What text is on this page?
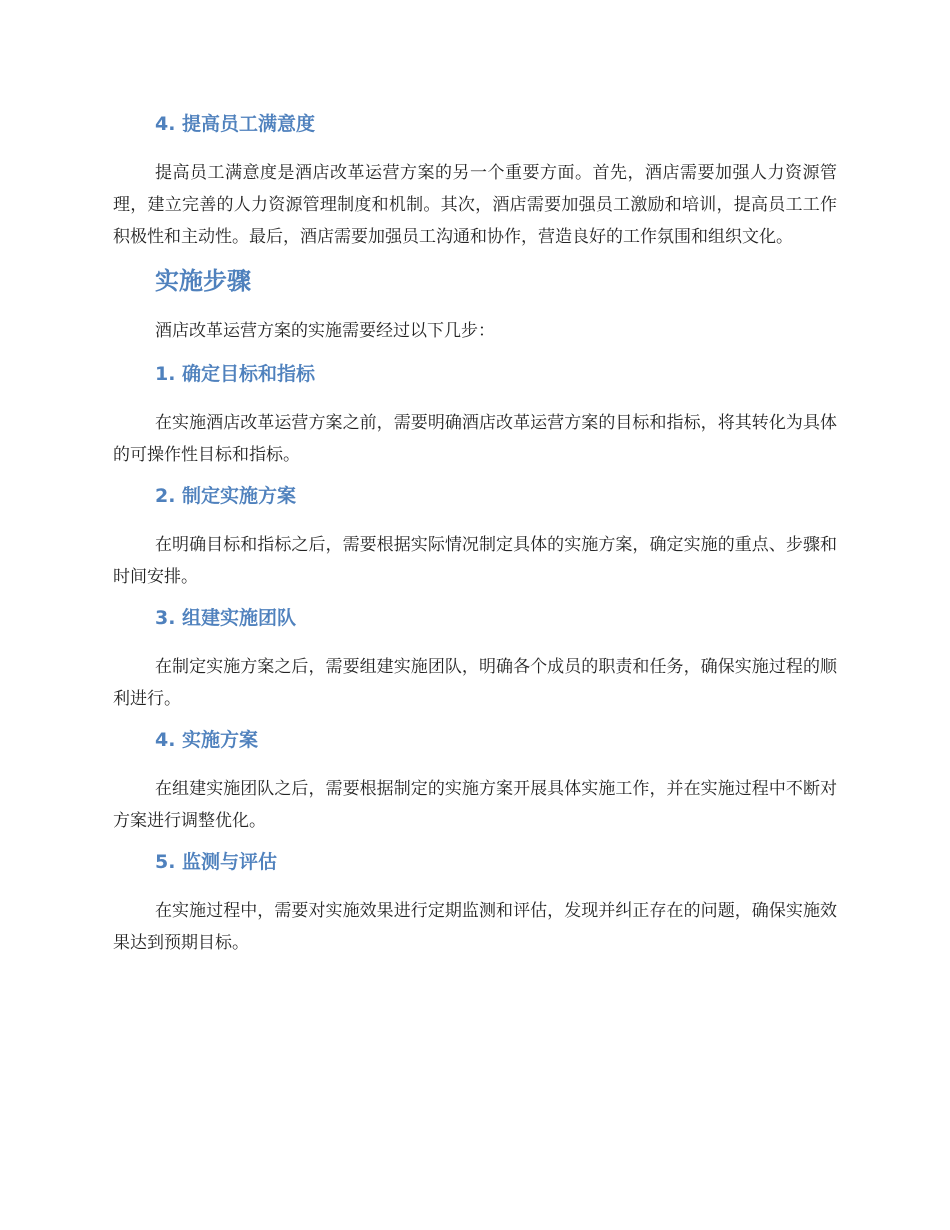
4. 提高员工满意度

提高员工满意度是酒店改革运营方案的另一个重要方面。首先，酒店需要加强人力资源管理，建立完善的人力资源管理制度和机制。其次，酒店需要加强员工激励和培训，提高员工工作积极性和主动性。最后，酒店需要加强员工沟通和协作，营造良好的工作氛围和组织文化。

实施步骤

酒店改革运营方案的实施需要经过以下几步：

1. 确定目标和指标

在实施酒店改革运营方案之前，需要明确酒店改革运营方案的目标和指标，将其转化为具体的可操作性目标和指标。

2. 制定实施方案

在明确目标和指标之后，需要根据实际情况制定具体的实施方案，确定实施的重点、步骤和时间安排。

3. 组建实施团队

在制定实施方案之后，需要组建实施团队，明确各个成员的职责和任务，确保实施过程的顺利进行。

4. 实施方案

在组建实施团队之后，需要根据制定的实施方案开展具体实施工作，并在实施过程中不断对方案进行调整优化。

5. 监测与评估

在实施过程中，需要对实施效果进行定期监测和评估，发现并纠正存在的问题，确保实施效果达到预期目标。
